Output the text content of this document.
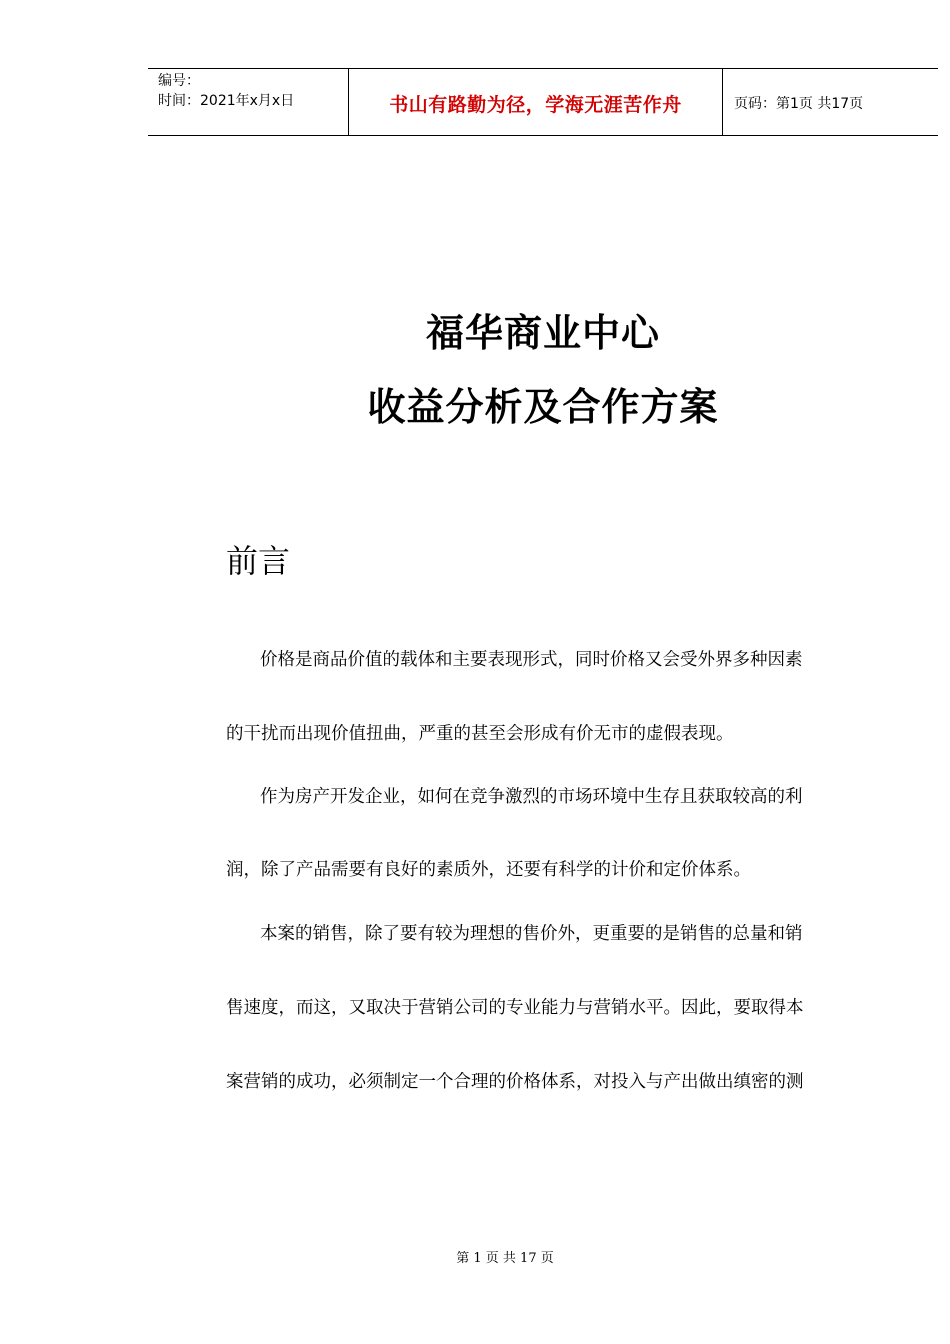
编号：
时间：2021年x月x日	书山有路勤为径，学海无涯苦作舟	页码：第1页 共17页
福华商业中心
收益分析及合作方案
前言
价格是商品价值的载体和主要表现形式，同时价格又会受外界多种因素
的干扰而出现价值扭曲，严重的甚至会形成有价无市的虚假表现。
作为房产开发企业，如何在竞争激烈的市场环境中生存且获取较高的利
润，除了产品需要有良好的素质外，还要有科学的计价和定价体系。
本案的销售，除了要有较为理想的售价外，更重要的是销售的总量和销
售速度，而这，又取决于营销公司的专业能力与营销水平。因此，要取得本
案营销的成功，必须制定一个合理的价格体系，对投入与产出做出缜密的测
第 1 页 共 17 页
